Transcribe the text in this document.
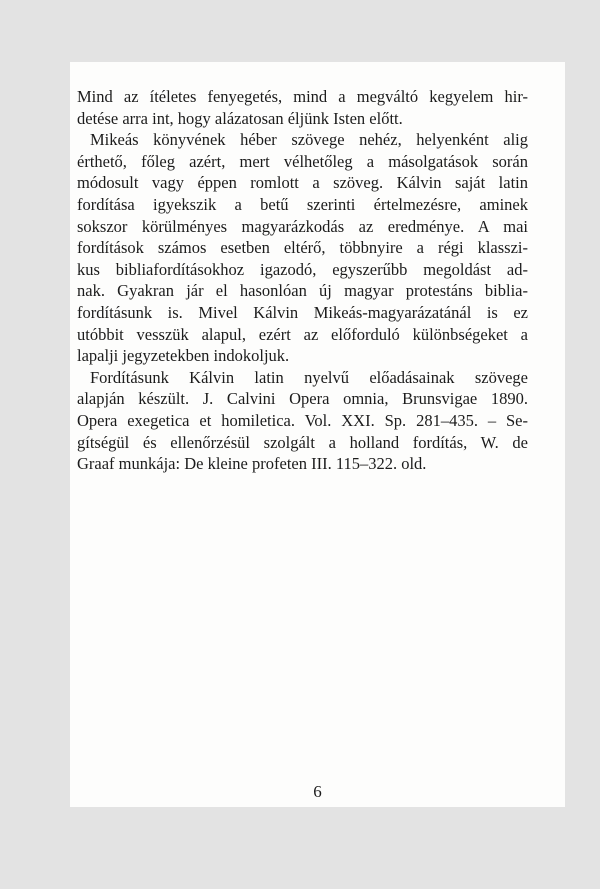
Mind az ítéletes fenyegetés, mind a megváltó kegyelem hir-
detése arra int, hogy alázatosan éljünk Isten előtt.
Mikeás könyvének héber szövege nehéz, helyenként alig
érthető, főleg azért, mert vélhetőleg a másolgatások során
módosult vagy éppen romlott a szöveg. Kálvin saját latin
fordítása igyekszik a betű szerinti értelmezésre, aminek
sokszor körülményes magyarázkodás az eredménye. A mai
fordítások számos esetben eltérő, többnyire a régi klasszi-
kus bibliafordításokhoz igazodó, egyszerűbb megoldást ad-
nak. Gyakran jár el hasonlóan új magyar protestáns biblia-
fordításunk is. Mivel Kálvin Mikeás-magyarázatánál is ez
utóbbit vesszük alapul, ezért az előforduló különbségeket a
lapalji jegyzetekben indokoljuk.
Fordításunk Kálvin latin nyelvű előadásainak szövege
alapján készült. J. Calvini Opera omnia, Brunsvigae 1890.
Opera exegetica et homiletica. Vol. XXI. Sp. 281–435. – Se-
gítségül és ellenőrzésül szolgált a holland fordítás, W. de
Graaf munkája: De kleine profeten III. 115–322. old.
6
